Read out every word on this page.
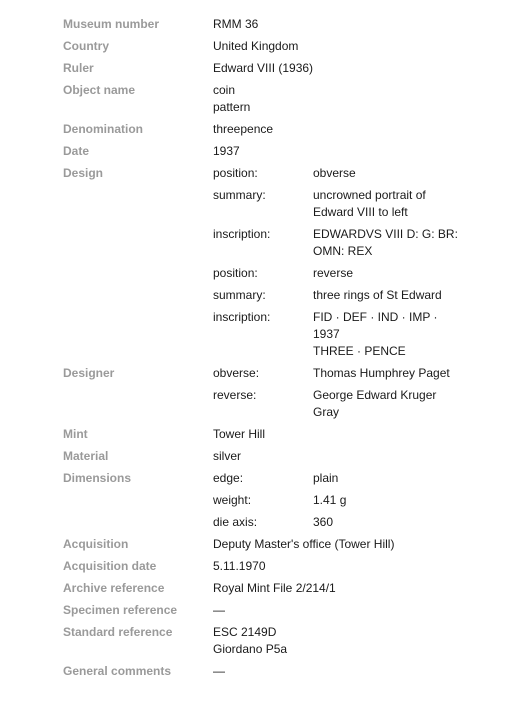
Museum number	RMM 36
Country	United Kingdom
Ruler	Edward VIII (1936)
Object name	coin
pattern
Denomination	threepence
Date	1937
Design	position:	obverse
summary:	uncrowned portrait of
Edward VIII to left
inscription:	EDWARDVS VIII D: G: BR:
OMN: REX
position:	reverse
summary:	three rings of St Edward
inscription:	FID · DEF · IND · IMP ·
1937
THREE · PENCE
Designer	obverse:	Thomas Humphrey Paget
reverse:	George Edward Kruger
Gray
Mint	Tower Hill
Material	silver
Dimensions	edge:	plain
weight:	1.41 g
die axis:	360
Acquisition	Deputy Master's office (Tower Hill)
Acquisition date	5.11.1970
Archive reference	Royal Mint File 2/214/1
Specimen reference	—
Standard reference	ESC 2149D
Giordano P5a
General comments	—
